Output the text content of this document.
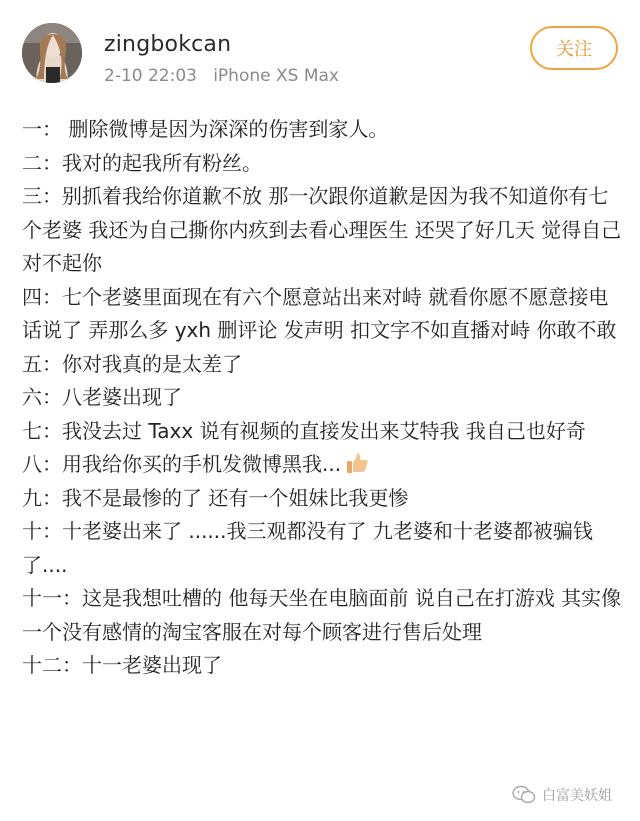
zingbokcan
2-10 22:03 iPhone XS Max
关注

一： 删除微博是因为深深的伤害到家人。

二：我对的起我所有粉丝。

三：别抓着我给你道歉不放 那一次跟你道歉是因为我不知道你有七个老婆 我还为自己撕你内疚到去看心理医生 还哭了好几天 觉得自己对不起你

四：七个老婆里面现在有六个愿意站出来对峙 就看你愿不愿意接电话说了 弄那么多 yxh 删评论 发声明 扣文字不如直播对峙 你敢不敢

五：你对我真的是太差了

六：八老婆出现了

七：我没去过 Taxx 说有视频的直接发出来艾特我 我自己也好奇

八：用我给你买的手机发微博黑我...

九：我不是最惨的了 还有一个姐妹比我更惨

十：十老婆出来了 ......我三观都没有了 九老婆和十老婆都被骗钱了....

十一：这是我想吐槽的 他每天坐在电脑面前 说自己在打游戏 其实像一个没有感情的淘宝客服在对每个顾客进行售后处理

十二：十一老婆出现了

白富美妖姐
